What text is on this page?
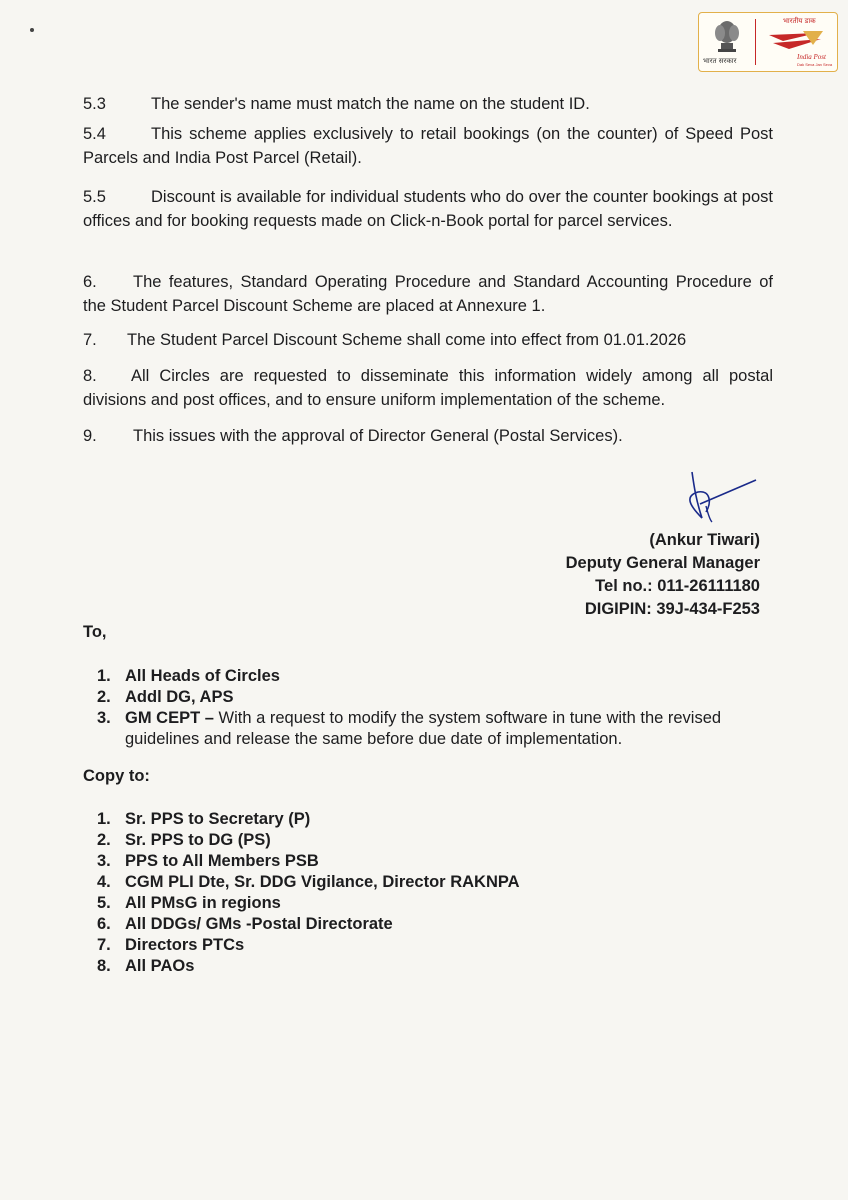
भारत सरकार
भारतीय डाक
India Post
Dak Seva Jan Seva
5.3	The sender's name must match the name on the student ID.
5.4	This scheme applies exclusively to retail bookings (on the counter) of Speed Post Parcels and India Post Parcel (Retail).
5.5	Discount is available for individual students who do over the counter bookings at post offices and for booking requests made on Click-n-Book portal for parcel services.
6. The features, Standard Operating Procedure and Standard Accounting Procedure of the Student Parcel Discount Scheme are placed at Annexure 1.
7. The Student Parcel Discount Scheme shall come into effect from 01.01.2026
8. All Circles are requested to disseminate this information widely among all postal divisions and post offices, and to ensure uniform implementation of the scheme.
9. This issues with the approval of Director General (Postal Services).
(Ankur Tiwari)
Deputy General Manager
Tel no.: 011-26111180
DIGIPIN: 39J-434-F253
To,
1. All Heads of Circles
2. Addl DG, APS
3. GM CEPT – With a request to modify the system software in tune with the revised guidelines and release the same before due date of implementation.
Copy to:
1. Sr. PPS to Secretary (P)
2. Sr. PPS to DG (PS)
3. PPS to All Members PSB
4. CGM PLI Dte, Sr. DDG Vigilance, Director RAKNPA
5. All PMsG in regions
6. All DDGs/ GMs -Postal Directorate
7. Directors PTCs
8. All PAOs
